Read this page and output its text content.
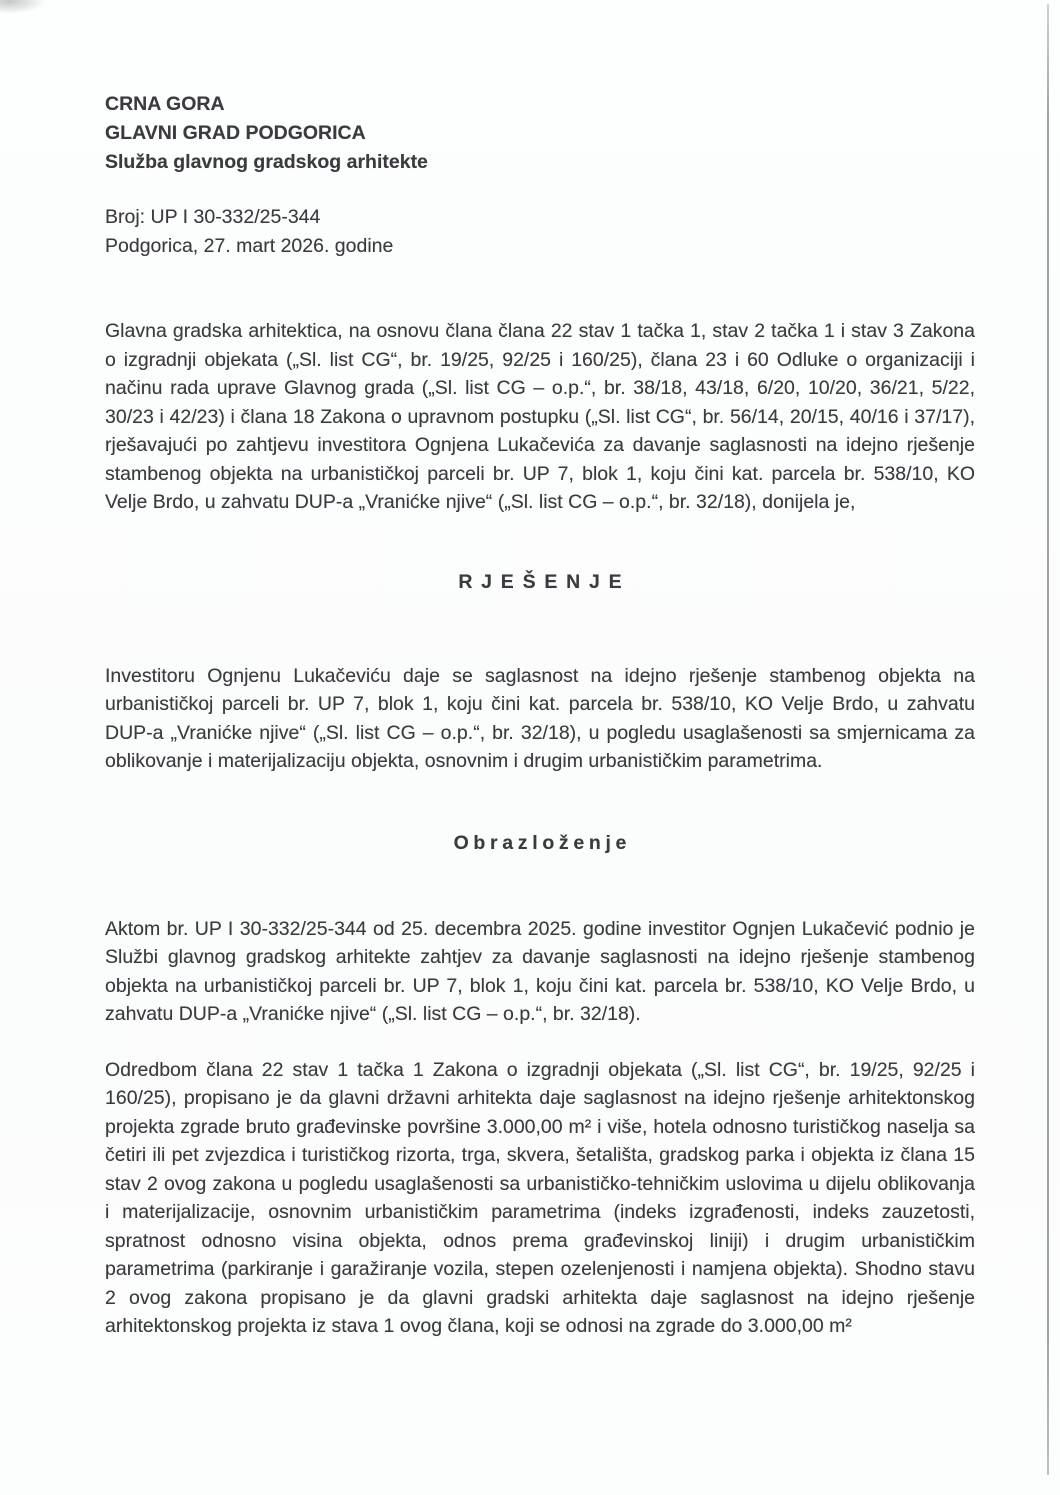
CRNA GORA
GLAVNI GRAD PODGORICA
Služba glavnog gradskog arhitekte
Broj: UP I 30-332/25-344
Podgorica, 27. mart 2026. godine

Glavna gradska arhitektica, na osnovu člana člana 22 stav 1 tačka 1, stav 2 tačka 1 i stav 3 Zakona o izgradnji objekata („Sl. list CG“, br. 19/25, 92/25 i 160/25), člana 23 i 60 Odluke o organizaciji i načinu rada uprave Glavnog grada („Sl. list CG – o.p.“, br. 38/18, 43/18, 6/20, 10/20, 36/21, 5/22, 30/23 i 42/23) i člana 18 Zakona o upravnom postupku („Sl. list CG“, br. 56/14, 20/15, 40/16 i 37/17), rješavajući po zahtjevu investitora Ognjena Lukačevića za davanje saglasnosti na idejno rješenje stambenog objekta na urbanističkoj parceli br. UP 7, blok 1, koju čini kat. parcela br. 538/10, KO Velje Brdo, u zahvatu DUP-a „Vranićke njive“ („Sl. list CG – o.p.“, br. 32/18), donijela je,

RJEŠENJE

Investitoru Ognjenu Lukačeviću daje se saglasnost na idejno rješenje stambenog objekta na urbanističkoj parceli br. UP 7, blok 1, koju čini kat. parcela br. 538/10, KO Velje Brdo, u zahvatu DUP-a „Vranićke njive“ („Sl. list CG – o.p.“, br. 32/18), u pogledu usaglašenosti sa smjernicama za oblikovanje i materijalizaciju objekta, osnovnim i drugim urbanističkim parametrima.

Obrazloženje

Aktom br. UP I 30-332/25-344 od 25. decembra 2025. godine investitor Ognjen Lukačević podnio je Službi glavnog gradskog arhitekte zahtjev za davanje saglasnosti na idejno rješenje stambenog objekta na urbanističkoj parceli br. UP 7, blok 1, koju čini kat. parcela br. 538/10, KO Velje Brdo, u zahvatu DUP-a „Vranićke njive“ („Sl. list CG – o.p.“, br. 32/18).

Odredbom člana 22 stav 1 tačka 1 Zakona o izgradnji objekata („Sl. list CG“, br. 19/25, 92/25 i 160/25), propisano je da glavni državni arhitekta daje saglasnost na idejno rješenje arhitektonskog projekta zgrade bruto građevinske površine 3.000,00 m² i više, hotela odnosno turističkog naselja sa četiri ili pet zvjezdica i turističkog rizorta, trga, skvera, šetališta, gradskog parka i objekta iz člana 15 stav 2 ovog zakona u pogledu usaglašenosti sa urbanističko-tehničkim uslovima u dijelu oblikovanja i materijalizacije, osnovnim urbanističkim parametrima (indeks izgrađenosti, indeks zauzetosti, spratnost odnosno visina objekta, odnos prema građevinskoj liniji) i drugim urbanističkim parametrima (parkiranje i garažiranje vozila, stepen ozelenjenosti i namjena objekta). Shodno stavu 2 ovog zakona propisano je da glavni gradski arhitekta daje saglasnost na idejno rješenje arhitektonskog projekta iz stava 1 ovog člana, koji se odnosi na zgrade do 3.000,00 m²
